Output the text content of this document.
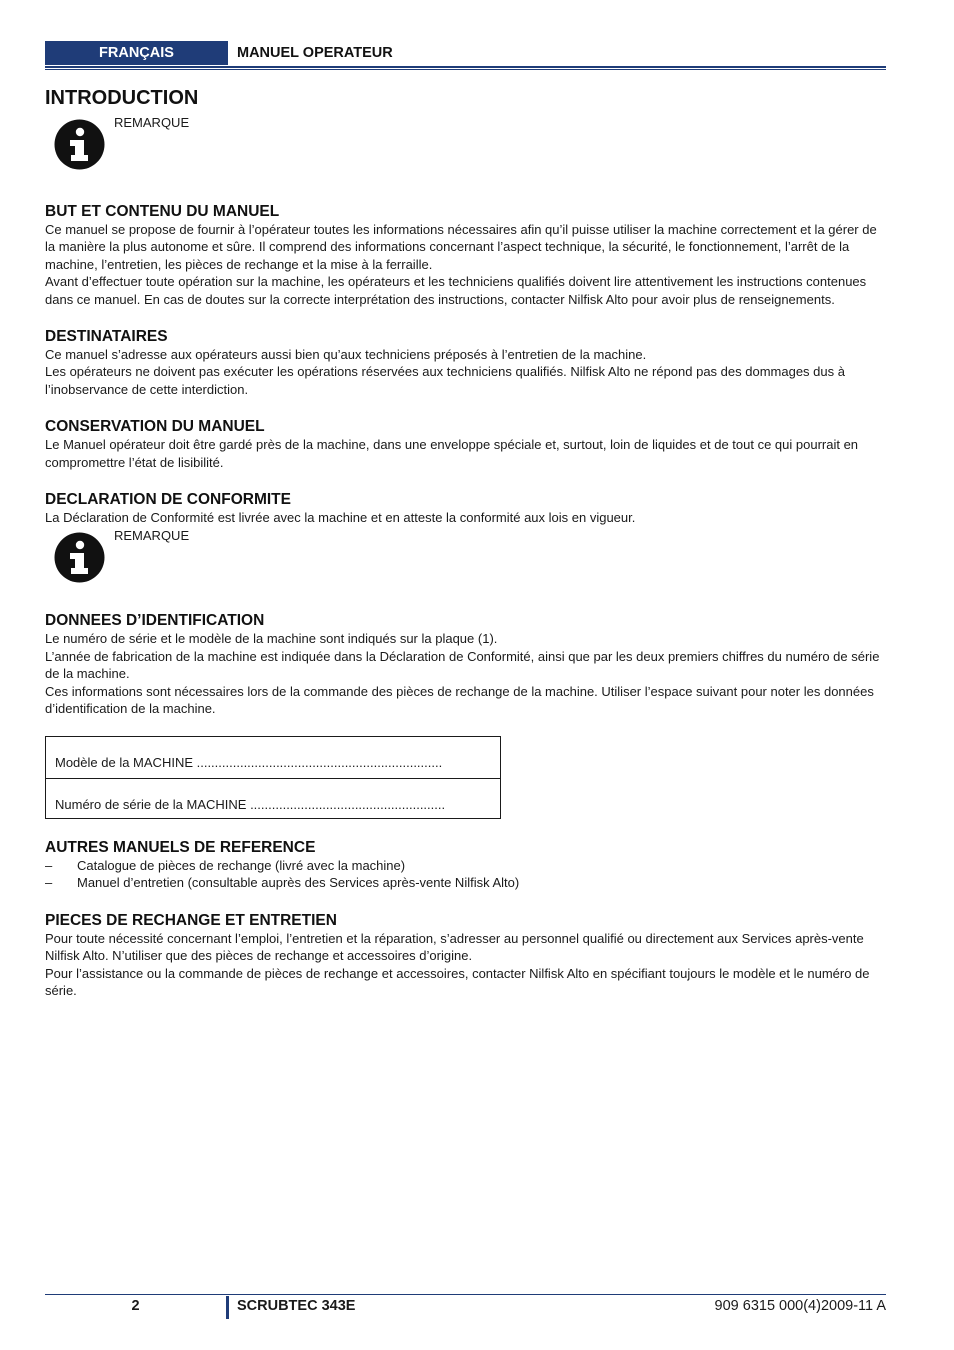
FRANÇAIS	MANUEL OPERATEUR
INTRODUCTION
REMARQUE
BUT ET CONTENU DU MANUEL

Ce manuel se propose de fournir à l’opérateur toutes les informations nécessaires afin qu’il puisse utiliser la machine correctement et la gérer de la manière la plus autonome et sûre. Il comprend des informations concernant l’aspect technique, la sécurité, le fonctionnement, l’arrêt de la machine, l’entretien, les pièces de rechange et la mise à la ferraille.
Avant d’effectuer toute opération sur la machine, les opérateurs et les techniciens qualifiés doivent lire attentivement les instructions contenues dans ce manuel. En cas de doutes sur la correcte interprétation des instructions, contacter Nilfisk Alto pour avoir plus de renseignements.

DESTINATAIRES

Ce manuel s’adresse aux opérateurs aussi bien qu’aux techniciens préposés à l’entretien de la machine.
Les opérateurs ne doivent pas exécuter les opérations réservées aux techniciens qualifiés. Nilfisk Alto ne répond pas des dommages dus à l’inobservance de cette interdiction.

CONSERVATION DU MANUEL

Le Manuel opérateur doit être gardé près de la machine, dans une enveloppe spéciale et, surtout, loin de liquides et de tout ce qui pourrait en compromettre l’état de lisibilité.

DECLARATION DE CONFORMITE

La Déclaration de Conformité est livrée avec la machine et en atteste la conformité aux lois en vigueur.

REMARQUE
DONNEES D’IDENTIFICATION

Le numéro de série et le modèle de la machine sont indiqués sur la plaque (1).
L’année de fabrication de la machine est indiquée dans la Déclaration de Conformité, ainsi que par les deux premiers chiffres du numéro de série de la machine.
Ces informations sont nécessaires lors de la commande des pièces de rechange de la machine. Utiliser l’espace suivant pour noter les données d’identification de la machine.

Modèle de la MACHINE ....................................................................
Numéro de série de la MACHINE ......................................................
AUTRES MANUELS DE REFERENCE
– Catalogue de pièces de rechange (livré avec la machine)
– Manuel d’entretien (consultable auprès des Services après-vente Nilfisk Alto)
PIECES DE RECHANGE ET ENTRETIEN

Pour toute nécessité concernant l’emploi, l’entretien et la réparation, s’adresser au personnel qualifié ou directement aux Services après-vente Nilfisk Alto. N’utiliser que des pièces de rechange et accessoires d’origine.
Pour l’assistance ou la commande de pièces de rechange et accessoires, contacter Nilfisk Alto en spécifiant toujours le modèle et le numéro de série.

2	SCRUBTEC 343E	909 6315 000(4)2009-11 A
